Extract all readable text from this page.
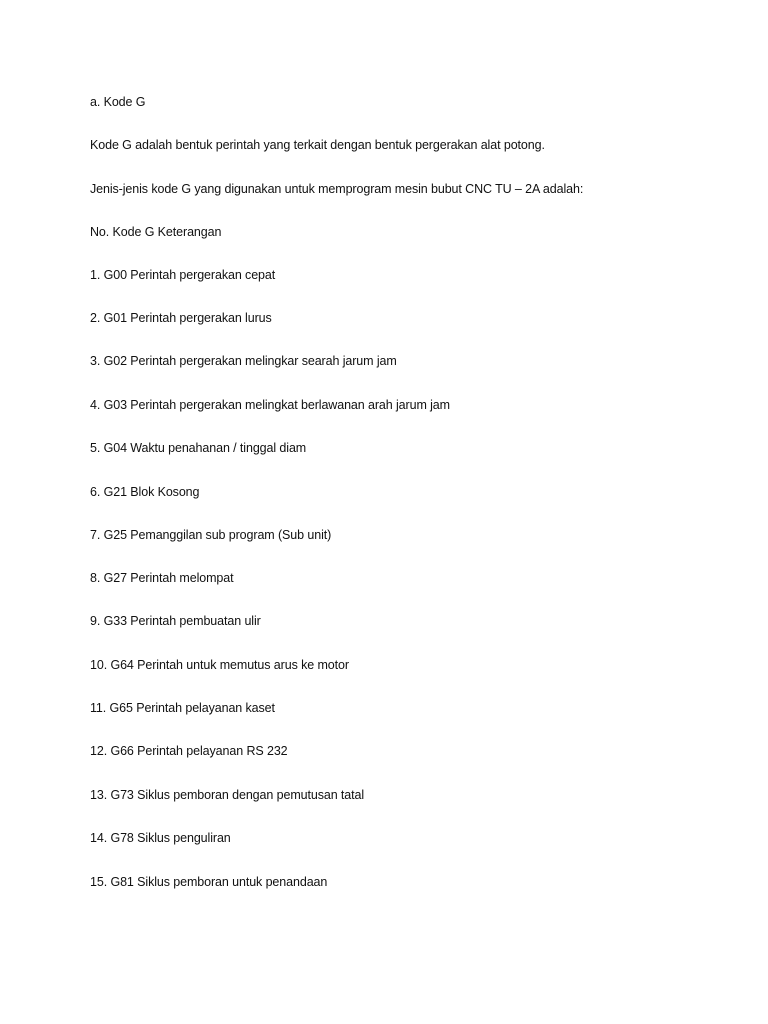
a. Kode G
Kode G adalah bentuk perintah yang terkait dengan bentuk pergerakan alat potong.
Jenis-jenis kode G yang digunakan untuk memprogram mesin bubut CNC TU – 2A adalah:
No. Kode G Keterangan
1. G00 Perintah pergerakan cepat
2. G01 Perintah pergerakan lurus
3. G02 Perintah pergerakan melingkar searah jarum jam
4. G03 Perintah pergerakan melingkat berlawanan arah jarum jam
5. G04 Waktu penahanan / tinggal diam
6. G21 Blok Kosong
7. G25 Pemanggilan sub program (Sub unit)
8. G27 Perintah melompat
9. G33 Perintah pembuatan ulir
10. G64 Perintah untuk memutus arus ke motor
11. G65 Perintah pelayanan kaset
12. G66 Perintah pelayanan RS 232
13. G73 Siklus pemboran dengan pemutusan tatal
14. G78 Siklus penguliran
15. G81 Siklus pemboran untuk penandaan
